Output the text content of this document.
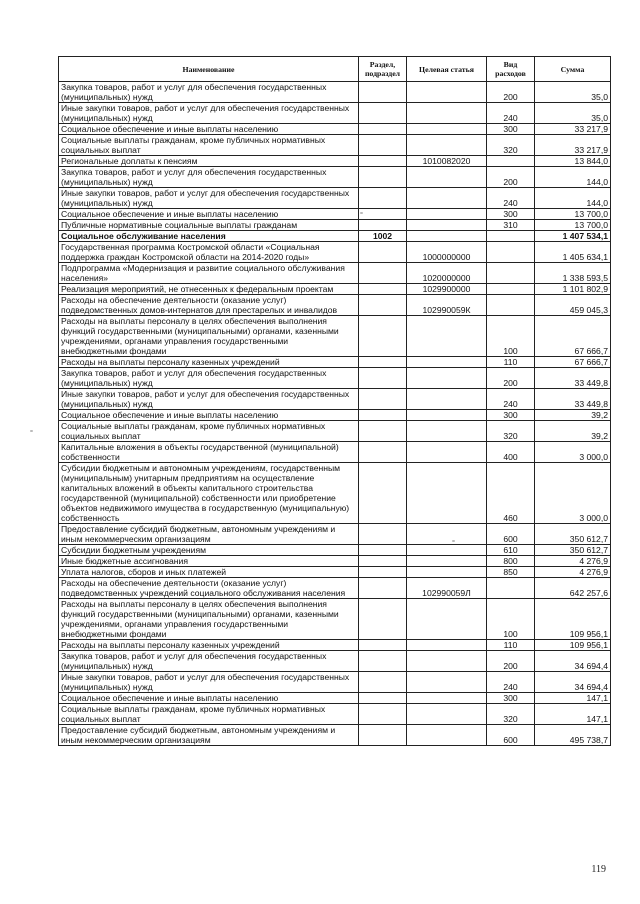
Наименование	Раздел, подраздел	Целевая статья	Вид расходов	Сумма
Закупка товаров, работ и услуг для обеспечения государственных (муниципальных) нужд			200	35,0
Иные закупки товаров, работ и услуг для обеспечения государственных (муниципальных) нужд			240	35,0
Социальное обеспечение и иные выплаты населению			300	33 217,9
Социальные выплаты гражданам, кроме публичных нормативных социальных выплат			320	33 217,9
Региональные доплаты к пенсиям		1010082020		13 844,0
Закупка товаров, работ и услуг для обеспечения государственных (муниципальных) нужд			200	144,0
Иные закупки товаров, работ и услуг для обеспечения государственных (муниципальных) нужд			240	144,0
Социальное обеспечение и иные выплаты населению			300	13 700,0
Публичные нормативные социальные выплаты гражданам			310	13 700,0
Социальное обслуживание населения	1002			1 407 534,1
Государственная программа Костромской области «Социальная поддержка граждан Костромской области на 2014-2020 годы»		1000000000		1 405 634,1
Подпрограмма «Модернизация и развитие социального обслуживания населения»		1020000000		1 338 593,5
Реализация мероприятий, не отнесенных к федеральным проектам		1029900000		1 101 802,9
Расходы на обеспечение деятельности (оказание услуг) подведомственных домов-интернатов для престарелых и инвалидов		102990059К		459 045,3
Расходы на выплаты персоналу в целях обеспечения выполнения функций государственными (муниципальными) органами, казенными учреждениями, органами управления государственными внебюджетными фондами			100	67 666,7
Расходы на выплаты персоналу казенных учреждений			110	67 666,7
Закупка товаров, работ и услуг для обеспечения государственных (муниципальных) нужд			200	33 449,8
Иные закупки товаров, работ и услуг для обеспечения государственных (муниципальных) нужд			240	33 449,8
Социальное обеспечение и иные выплаты населению			300	39,2
Социальные выплаты гражданам, кроме публичных нормативных социальных выплат			320	39,2
Капитальные вложения в объекты государственной (муниципальной) собственности			400	3 000,0
Субсидии бюджетным и автономным учреждениям, государственным (муниципальным) унитарным предприятиям на осуществление капитальных вложений в объекты капитального строительства государственной (муниципальной) собственности или приобретение объектов недвижимого имущества в государственную (муниципальную) собственность			460	3 000,0
Предоставление субсидий бюджетным, автономным учреждениям и иным некоммерческим организациям			600	350 612,7
Субсидии бюджетным учреждениям			610	350 612,7
Иные бюджетные ассигнования			800	4 276,9
Уплата налогов, сборов и иных платежей			850	4 276,9
Расходы на обеспечение деятельности (оказание услуг) подведомственных учреждений социального обслуживания населения		102990059Л		642 257,6
Расходы на выплаты персоналу в целях обеспечения выполнения функций государственными (муниципальными) органами, казенными учреждениями, органами управления государственными внебюджетными фондами			100	109 956,1
Расходы на выплаты персоналу казенных учреждений			110	109 956,1
Закупка товаров, работ и услуг для обеспечения государственных (муниципальных) нужд			200	34 694,4
Иные закупки товаров, работ и услуг для обеспечения государственных (муниципальных) нужд			240	34 694,4
Социальное обеспечение и иные выплаты населению			300	147,1
Социальные выплаты гражданам, кроме публичных нормативных социальных выплат			320	147,1
Предоставление субсидий бюджетным, автономным учреждениям и иным некоммерческим организациям			600	495 738,7
119
